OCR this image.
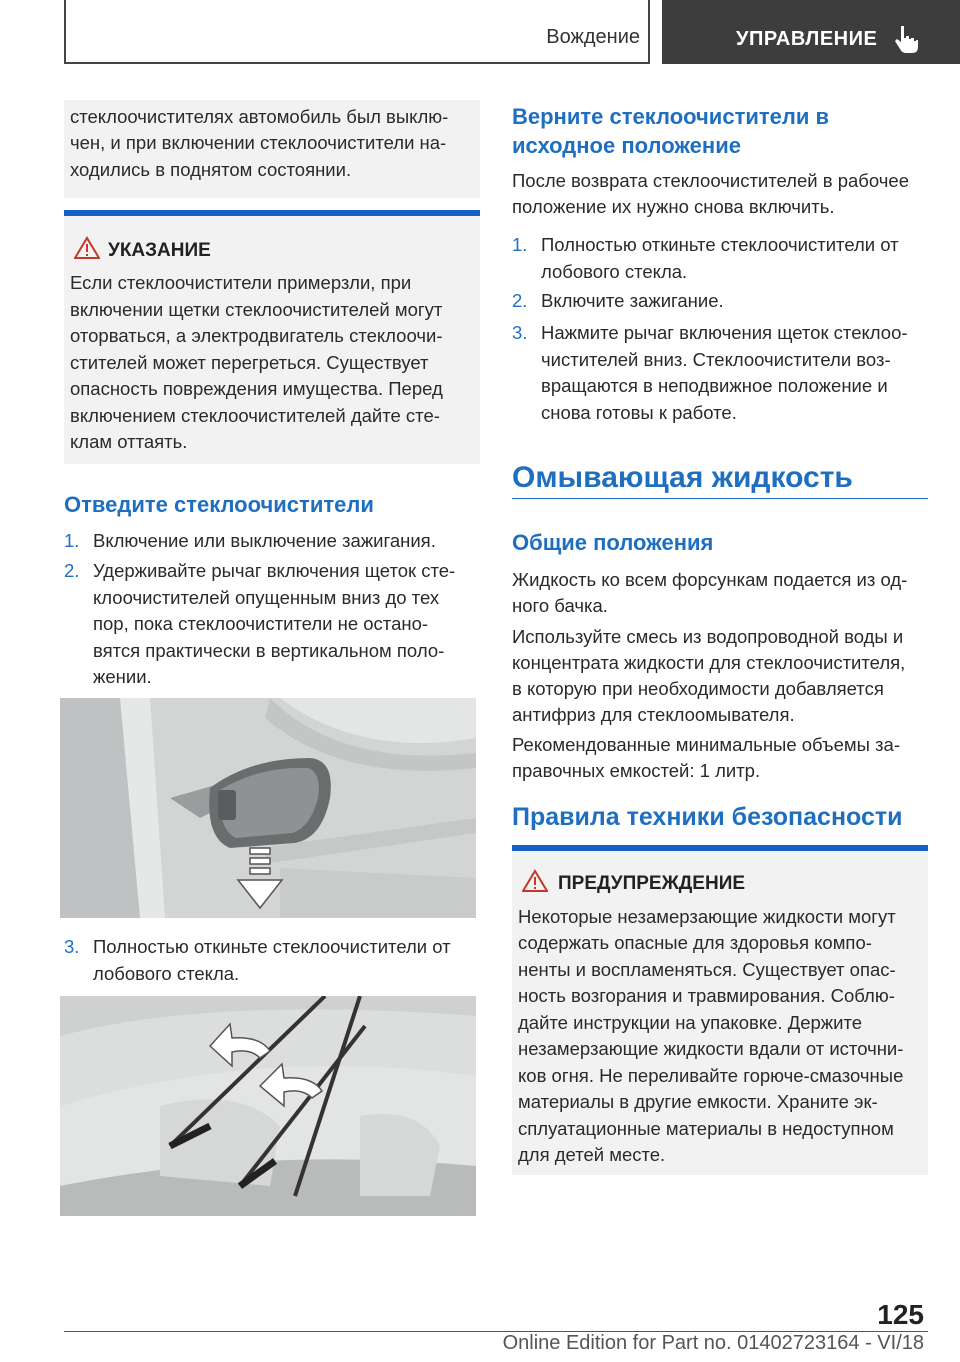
Вождение	УПРАВЛЕНИЕ
стеклоочистителях автомобиль был выклю-
чен, и при включении стеклоочистители на-
ходились в поднятом состоянии.
УКАЗАНИЕ
Если стеклоочистители примерзли, при
включении щетки стеклоочистителей могут
оторваться, а электродвигатель стеклоочи-
стителей может перегреться. Существует
опасность повреждения имущества. Перед
включением стеклоочистителей дайте сте-
клам оттаять.
Отведите стеклоочистители
1. Включение или выключение зажигания.
2. Удерживайте рычаг включения щеток сте-
клоочистителей опущенным вниз до тех
пор, пока стеклоочистители не остано-
вятся практически в вертикальном поло-
жении.
3. Полностью откиньте стеклоочистители от
лобового стекла.
Верните стеклоочистители в
исходное положение
После возврата стеклоочистителей в рабочее
положение их нужно снова включить.
1. Полностью откиньте стеклоочистители от
лобового стекла.
2. Включите зажигание.
3. Нажмите рычаг включения щеток стеклоо-
чистителей вниз. Стеклоочистители воз-
вращаются в неподвижное положение и
снова готовы к работе.
Омывающая жидкость
Общие положения
Жидкость ко всем форсункам подается из од-
ного бачка.
Используйте смесь из водопроводной воды и
концентрата жидкости для стеклоочистителя,
в которую при необходимости добавляется
антифриз для стеклоомывателя.
Рекомендованные минимальные объемы за-
правочных емкостей: 1 литр.
Правила техники безопасности
ПРЕДУПРЕЖДЕНИЕ
Некоторые незамерзающие жидкости могут
содержать опасные для здоровья компо-
ненты и воспламеняться. Существует опас-
ность возгорания и травмирования. Соблю-
дайте инструкции на упаковке. Держите
незамерзающие жидкости вдали от источни-
ков огня. Не переливайте горюче-смазочные
материалы в другие емкости. Храните эк-
сплуатационные материалы в недоступном
для детей месте.
125
Online Edition for Part no. 01402723164 - VI/18
